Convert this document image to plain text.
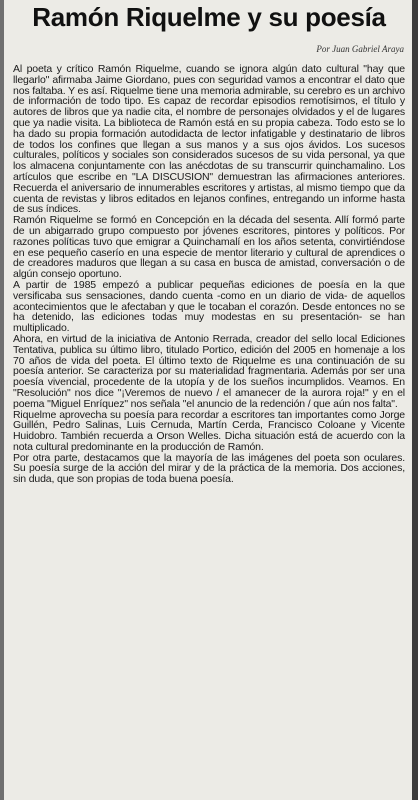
Ramón Riquelme y su poesía
Por Juan Gabriel Araya

Al poeta y crítico Ramón Riquelme, cuando se ignora algún dato cultural "hay que llegarlo" afirmaba Jaime Giordano, pues con seguridad vamos a encontrar el dato que nos faltaba. Y es así. Riquelme tiene una memoria admirable, su cerebro es un archivo de información de todo tipo. Es capaz de recordar episodios remotísimos, el título y autores de libros que ya nadie cita, el nombre de personajes olvidados y el de lugares que ya nadie visita. La biblioteca de Ramón está en su propia cabeza. Todo esto se lo ha dado su propia formación autodidacta de lector infatigable y destinatario de libros de todos los confines que llegan a sus manos y a sus ojos ávidos. Los sucesos culturales, políticos y sociales son considerados sucesos de su vida personal, ya que los almacena conjuntamente con las anécdotas de su transcurrir quinchamalino. Los artículos que escribe en "LA DISCUSION" demuestran las afirmaciones anteriores. Recuerda el aniversario de innumerables escritores y artistas, al mismo tiempo que da cuenta de revistas y libros editados en lejanos confines, entregando un informe hasta de sus índices.

Ramón Riquelme se formó en Concepción en la década del sesenta. Allí formó parte de un abigarrado grupo compuesto por jóvenes escritores, pintores y políticos. Por razones políticas tuvo que emigrar a Quinchamalí en los años setenta, convirtiéndose en ese pequeño caserío en una especie de mentor literario y cultural de aprendices o de creadores maduros que llegan a su casa en busca de amistad, conversación o de algún consejo oportuno.

A partir de 1985 empezó a publicar pequeñas ediciones de poesía en la que versificaba sus sensaciones, dando cuenta -como en un diario de vida- de aquellos acontecimientos que le afectaban y que le tocaban el corazón. Desde entonces no se ha detenido, las ediciones todas muy modestas en su presentación- se han multiplicado.

Ahora, en virtud de la iniciativa de Antonio Rerrada, creador del sello local Ediciones Tentativa, publica su último libro, titulado Portico, edición del 2005 en homenaje a los 70 años de vida del poeta. El último texto de Riquelme es una continuación de su poesía anterior. Se caracteriza por su materialidad fragmentaria. Además por ser una poesía vivencial, procedente de la utopía y de los sueños incumplidos. Veamos. En "Resolución" nos dice "¡Veremos de nuevo / el amanecer de la aurora roja!" y en el poema "Miguel Enríquez" nos señala "el anuncio de la redención / que aún nos falta".

Riquelme aprovecha su poesía para recordar a escritores tan importantes como Jorge Guillén, Pedro Salinas, Luis Cernuda, Martín Cerda, Francisco Coloane y Vicente Huidobro. También recuerda a Orson Welles. Dicha situación está de acuerdo con la nota cultural predominante en la producción de Ramón.

Por otra parte, destacamos que la mayoría de las imágenes del poeta son oculares. Su poesía surge de la acción del mirar y de la práctica de la memoria. Dos acciones, sin duda, que son propias de toda buena poesía.
